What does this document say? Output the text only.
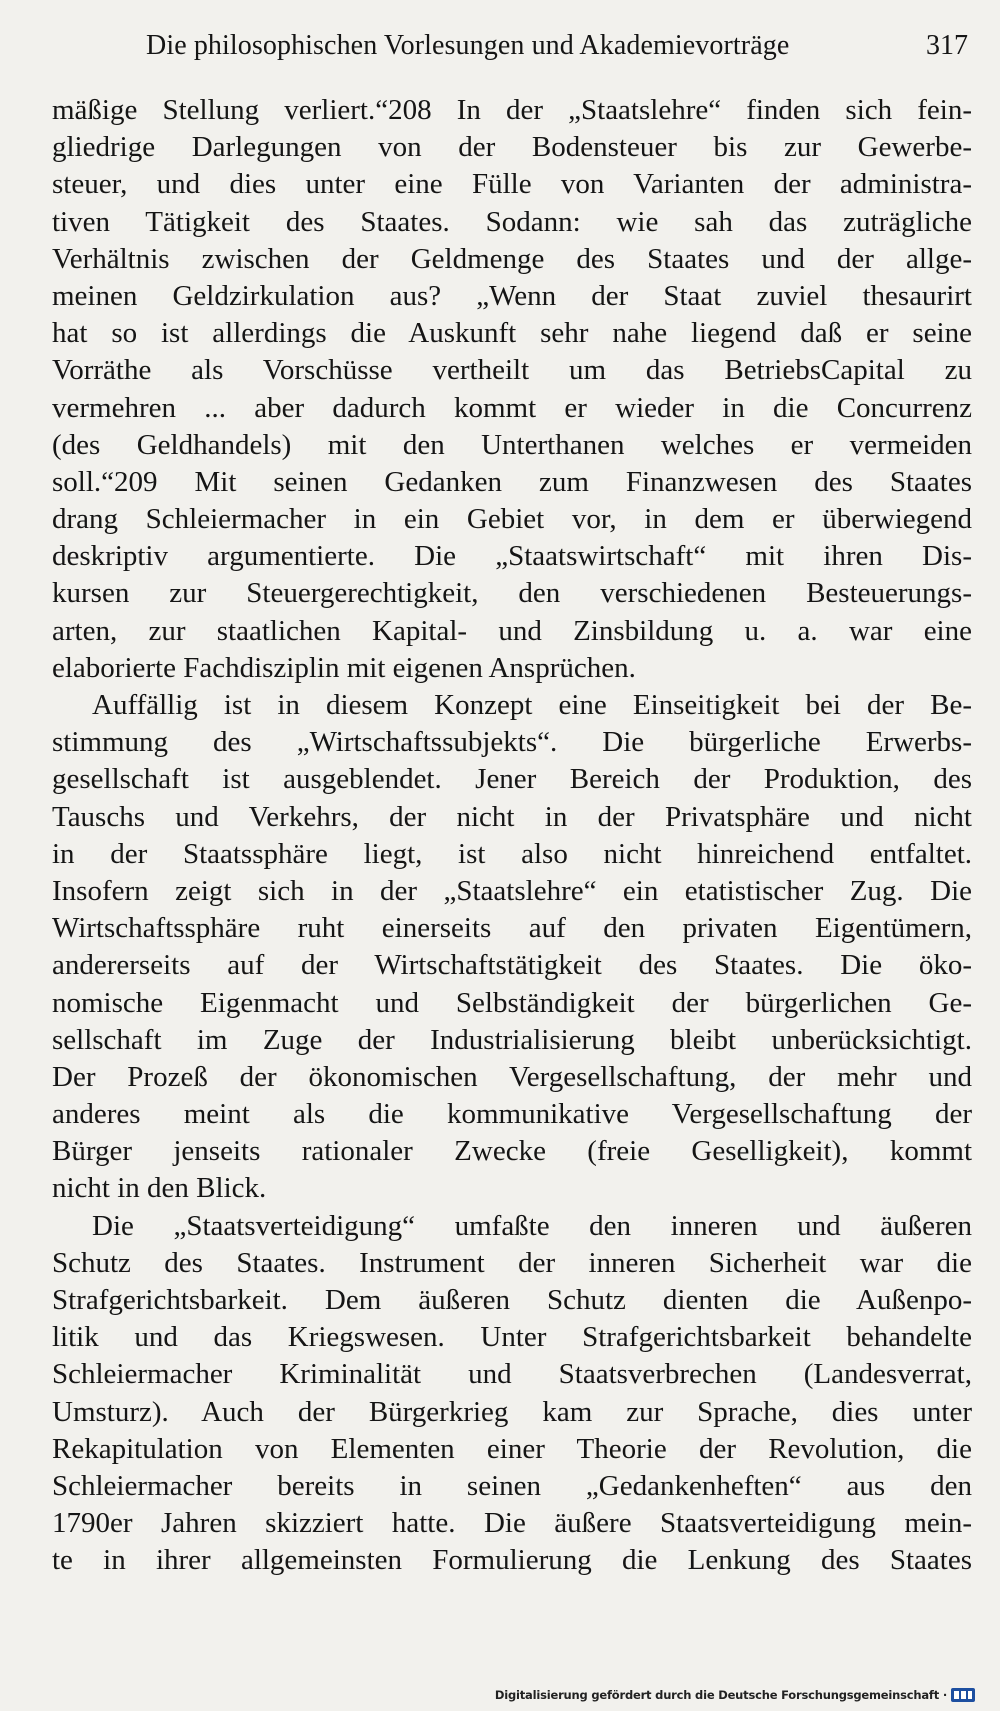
Die philosophischen Vorlesungen und Akademievorträge	317
mäßige Stellung verliert.“208 In der „Staatslehre“ finden sich fein-
gliedrige Darlegungen von der Bodensteuer bis zur Gewerbe-
steuer, und dies unter eine Fülle von Varianten der administra-
tiven Tätigkeit des Staates. Sodann: wie sah das zuträgliche
Verhältnis zwischen der Geldmenge des Staates und der allge-
meinen Geldzirkulation aus? „Wenn der Staat zuviel thesaurirt
hat so ist allerdings die Auskunft sehr nahe liegend daß er seine
Vorräthe als Vorschüsse vertheilt um das BetriebsCapital zu
vermehren ... aber dadurch kommt er wieder in die Concurrenz
(des Geldhandels) mit den Unterthanen welches er vermeiden
soll.“209 Mit seinen Gedanken zum Finanzwesen des Staates
drang Schleiermacher in ein Gebiet vor, in dem er überwiegend
deskriptiv argumentierte. Die „Staatswirtschaft“ mit ihren Dis-
kursen zur Steuergerechtigkeit, den verschiedenen Besteuerungs-
arten, zur staatlichen Kapital- und Zinsbildung u. a. war eine
elaborierte Fachdisziplin mit eigenen Ansprüchen.
Auffällig ist in diesem Konzept eine Einseitigkeit bei der Be-
stimmung des „Wirtschaftssubjekts“. Die bürgerliche Erwerbs-
gesellschaft ist ausgeblendet. Jener Bereich der Produktion, des
Tauschs und Verkehrs, der nicht in der Privatsphäre und nicht
in der Staatssphäre liegt, ist also nicht hinreichend entfaltet.
Insofern zeigt sich in der „Staatslehre“ ein etatistischer Zug. Die
Wirtschaftssphäre ruht einerseits auf den privaten Eigentümern,
andererseits auf der Wirtschaftstätigkeit des Staates. Die öko-
nomische Eigenmacht und Selbständigkeit der bürgerlichen Ge-
sellschaft im Zuge der Industrialisierung bleibt unberücksichtigt.
Der Prozeß der ökonomischen Vergesellschaftung, der mehr und
anderes meint als die kommunikative Vergesellschaftung der
Bürger jenseits rationaler Zwecke (freie Geselligkeit), kommt
nicht in den Blick.
Die „Staatsverteidigung“ umfaßte den inneren und äußeren
Schutz des Staates. Instrument der inneren Sicherheit war die
Strafgerichtsbarkeit. Dem äußeren Schutz dienten die Außenpo-
litik und das Kriegswesen. Unter Strafgerichtsbarkeit behandelte
Schleiermacher Kriminalität und Staatsverbrechen (Landesverrat,
Umsturz). Auch der Bürgerkrieg kam zur Sprache, dies unter
Rekapitulation von Elementen einer Theorie der Revolution, die
Schleiermacher bereits in seinen „Gedankenheften“ aus den
1790er Jahren skizziert hatte. Die äußere Staatsverteidigung mein-
te in ihrer allgemeinsten Formulierung die Lenkung des Staates
Digitalisierung gefördert durch die Deutsche Forschungsgemeinschaft ·
